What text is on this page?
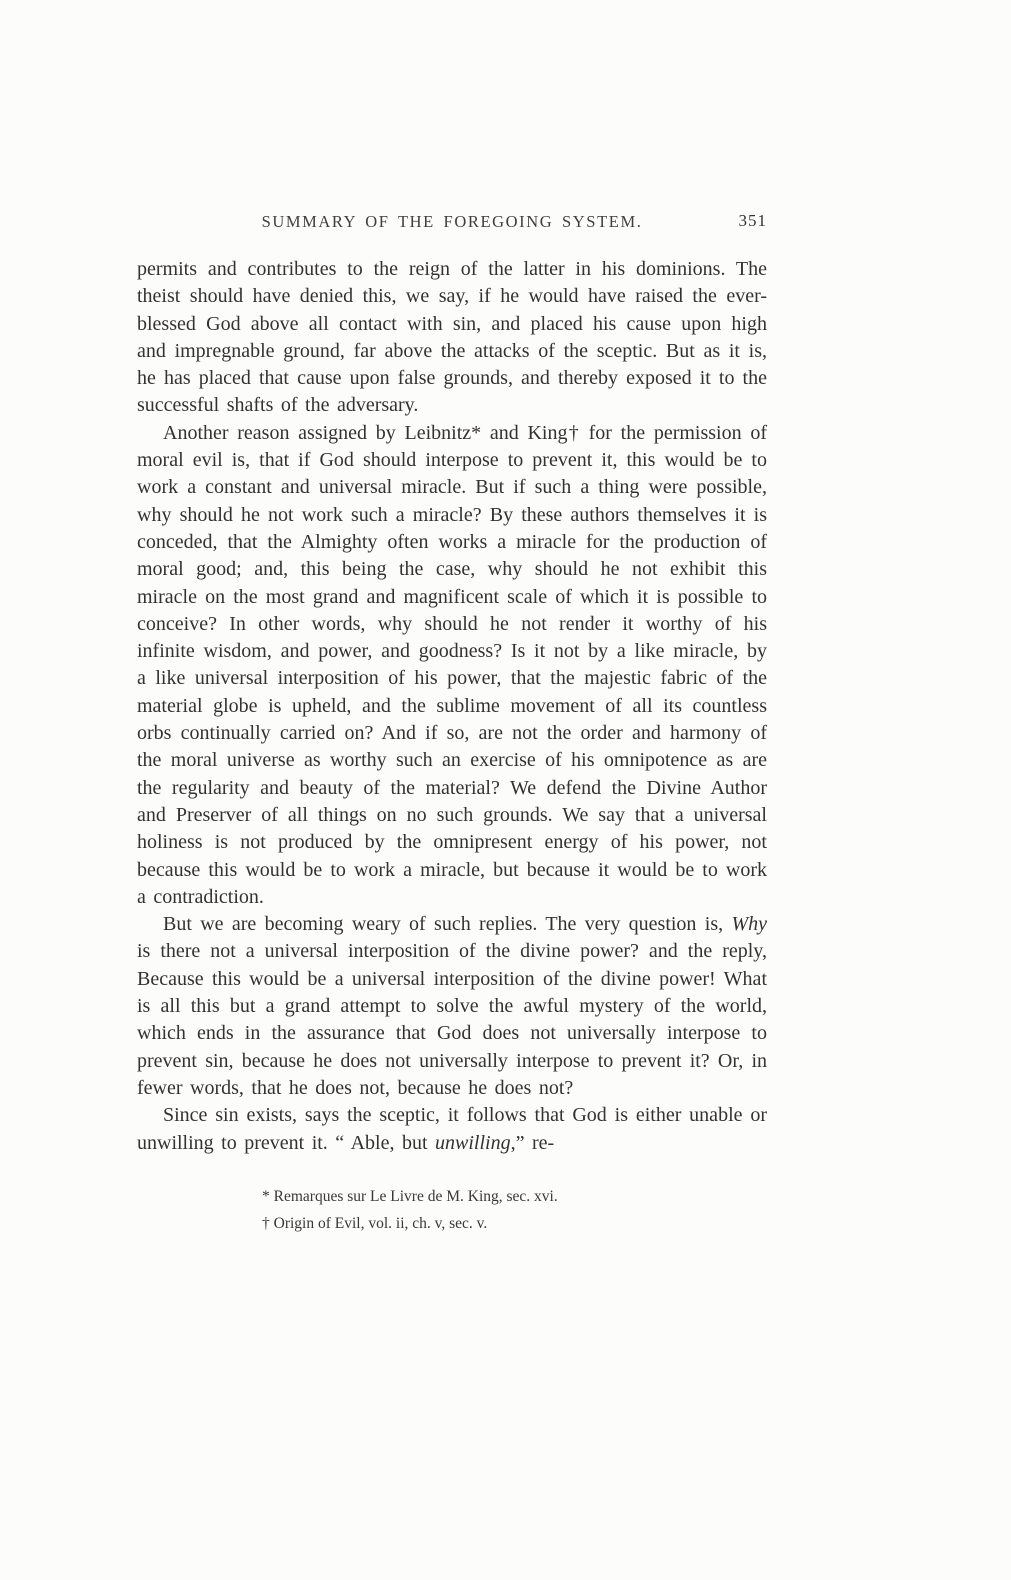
SUMMARY OF THE FOREGOING SYSTEM.	351

permits and contributes to the reign of the latter in his dominions. The theist should have denied this, we say, if he would have raised the ever-blessed God above all contact with sin, and placed his cause upon high and impregnable ground, far above the attacks of the sceptic. But as it is, he has placed that cause upon false grounds, and thereby exposed it to the successful shafts of the adversary.

Another reason assigned by Leibnitz* and King† for the permission of moral evil is, that if God should interpose to prevent it, this would be to work a constant and universal miracle. But if such a thing were possible, why should he not work such a miracle? By these authors themselves it is conceded, that the Almighty often works a miracle for the production of moral good; and, this being the case, why should he not exhibit this miracle on the most grand and magnificent scale of which it is possible to conceive? In other words, why should he not render it worthy of his infinite wisdom, and power, and goodness? Is it not by a like miracle, by a like universal interposition of his power, that the majestic fabric of the material globe is upheld, and the sublime movement of all its countless orbs continually carried on? And if so, are not the order and harmony of the moral universe as worthy such an exercise of his omnipotence as are the regularity and beauty of the material? We defend the Divine Author and Preserver of all things on no such grounds. We say that a universal holiness is not produced by the omnipresent energy of his power, not because this would be to work a miracle, but because it would be to work a contradiction.

But we are becoming weary of such replies. The very question is, Why is there not a universal interposition of the divine power? and the reply, Because this would be a universal interposition of the divine power! What is all this but a grand attempt to solve the awful mystery of the world, which ends in the assurance that God does not universally interpose to prevent sin, because he does not universally interpose to prevent it? Or, in fewer words, that he does not, because he does not?

Since sin exists, says the sceptic, it follows that God is either unable or unwilling to prevent it. “ Able, but unwilling,” re-

* Remarques sur Le Livre de M. King, sec. xvi.
† Origin of Evil, vol. ii, ch. v, sec. v.
